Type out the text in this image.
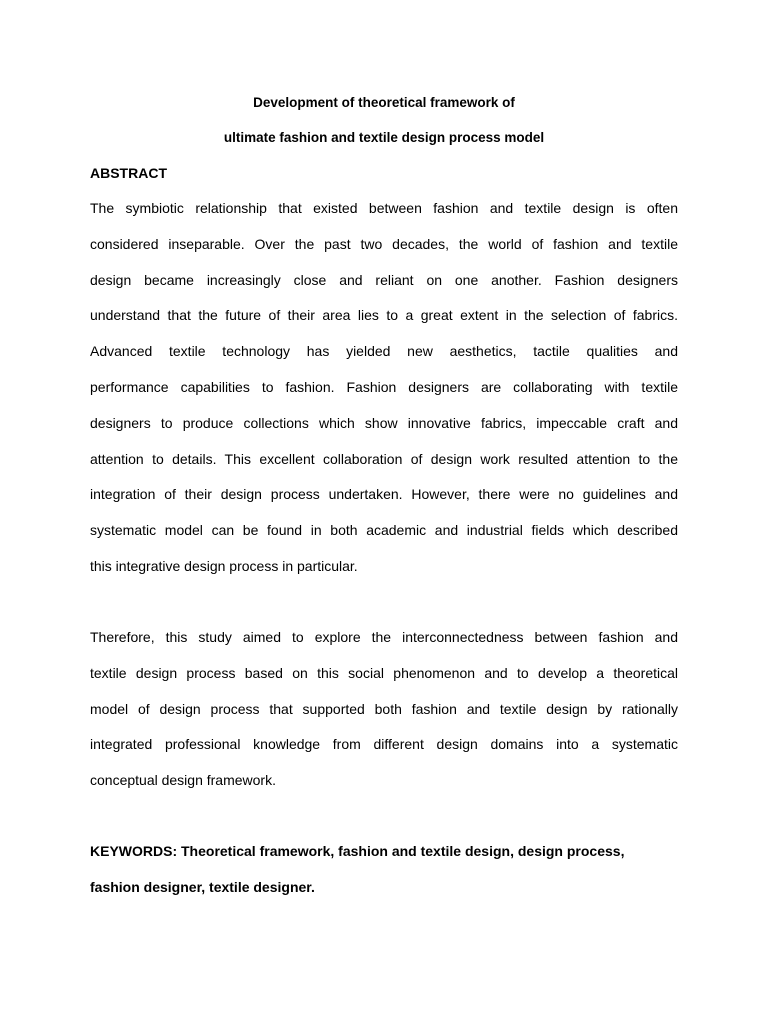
Development of theoretical framework of
ultimate fashion and textile design process model
ABSTRACT
The symbiotic relationship that existed between fashion and textile design is often
considered inseparable. Over the past two decades, the world of fashion and textile
design became increasingly close and reliant on one another. Fashion designers
understand that the future of their area lies to a great extent in the selection of fabrics.
Advanced textile technology has yielded new aesthetics, tactile qualities and
performance capabilities to fashion. Fashion designers are collaborating with textile
designers to produce collections which show innovative fabrics, impeccable craft and
attention to details. This excellent collaboration of design work resulted attention to the
integration of their design process undertaken. However, there were no guidelines and
systematic model can be found in both academic and industrial fields which described
this integrative design process in particular.
Therefore, this study aimed to explore the interconnectedness between fashion and
textile design process based on this social phenomenon and to develop a theoretical
model of design process that supported both fashion and textile design by rationally
integrated professional knowledge from different design domains into a systematic
conceptual design framework.
KEYWORDS: Theoretical framework, fashion and textile design, design process,
fashion designer, textile designer.
